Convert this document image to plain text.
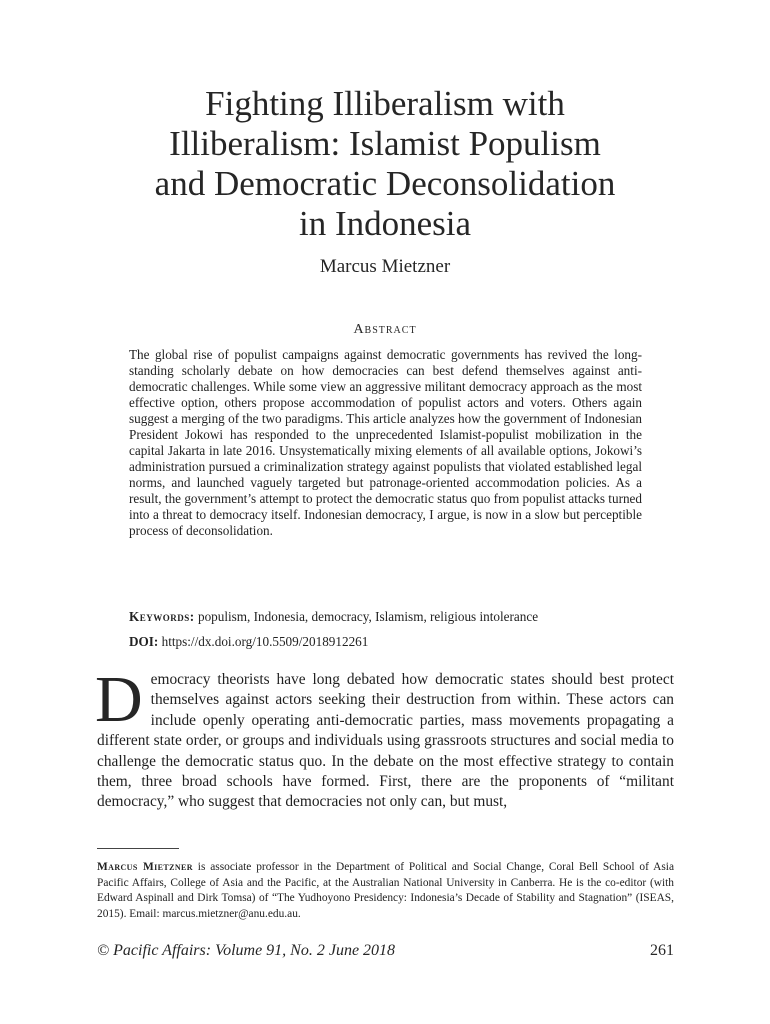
Fighting Illiberalism with
Illiberalism: Islamist Populism
and Democratic Deconsolidation
in Indonesia
Marcus Mietzner
Abstract

The global rise of populist campaigns against democratic governments has revived the long-standing scholarly debate on how democracies can best defend themselves against anti-democratic challenges. While some view an aggressive militant democracy approach as the most effective option, others propose accommodation of populist actors and voters. Others again suggest a merging of the two paradigms. This article analyzes how the government of Indonesian President Jokowi has responded to the unprecedented Islamist-populist mobilization in the capital Jakarta in late 2016. Unsystematically mixing elements of all available options, Jokowi’s administration pursued a criminalization strategy against populists that violated established legal norms, and launched vaguely targeted but patronage-oriented accommodation policies. As a result, the government’s attempt to protect the democratic status quo from populist attacks turned into a threat to democracy itself. Indonesian democracy, I argue, is now in a slow but perceptible process of deconsolidation.

Keywords: populism, Indonesia, democracy, Islamism, religious intolerance
DOI: https://dx.doi.org/10.5509/2018912261
Democracy theorists have long debated how democratic states should best protect themselves against actors seeking their destruction from within. These actors can include openly operating anti-democratic parties, mass movements propagating a different state order, or groups and individuals using grassroots structures and social media to challenge the democratic status quo. In the debate on the most effective strategy to contain them, three broad schools have formed. First, there are the proponents of “militant democracy,” who suggest that democracies not only can, but must,
Marcus Mietzner is associate professor in the Department of Political and Social Change, Coral Bell School of Asia Pacific Affairs, College of Asia and the Pacific, at the Australian National University in Canberra. He is the co-editor (with Edward Aspinall and Dirk Tomsa) of “The Yudhoyono Presidency: Indonesia’s Decade of Stability and Stagnation” (ISEAS, 2015). Email: marcus.mietzner@anu.edu.au.
© Pacific Affairs: Volume 91, No. 2 June 2018	261
